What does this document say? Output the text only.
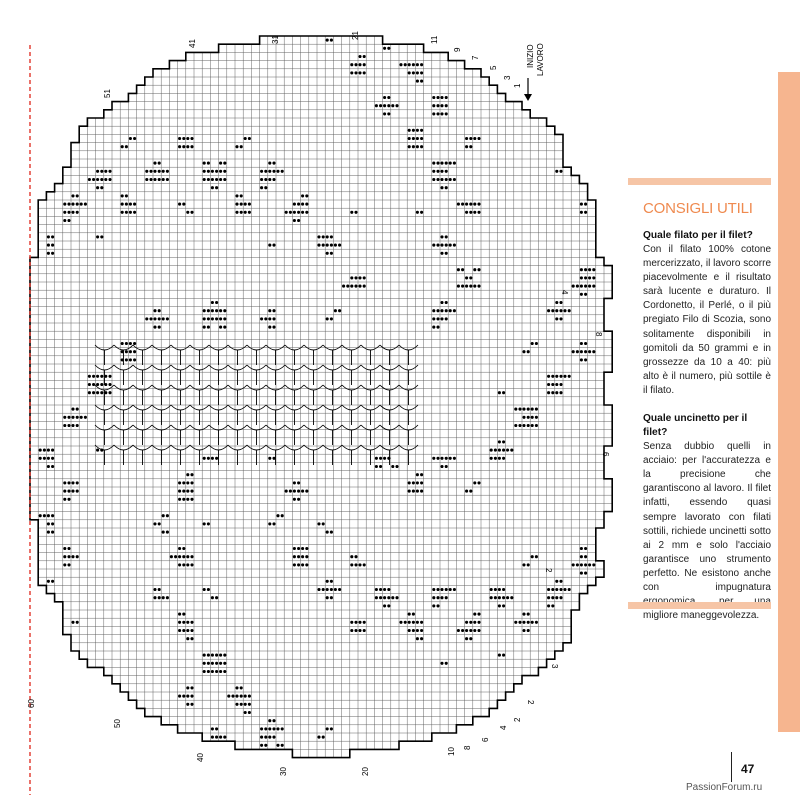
INIZIO LAVORO
41	31	21	11
9
7
5
3
1
50
40
30	20
10 8
6
4
2
51
60
4
8
6
2
3
2
CONSIGLI UTILI
Quale filato per il filet?

Con il filato 100% cotone mercerizzato, il lavoro scorre piacevolmente e il risultato sarà lucente e duraturo. Il Cordonetto, il Perlé, o il più pregiato Filo di Scozia, sono solitamente disponibili in gomitoli da 50 grammi e in grossezze da 10 a 40: più alto è il numero, più sottile è il filato.

Quale uncinetto per il filet?

Senza dubbio quelli in acciaio: per l'accuratezza e la precisione che garantiscono al lavoro. Il filet infatti, essendo quasi sempre lavorato con filati sottili, richiede uncinetti sotto ai 2 mm e solo l'acciaio garantisce uno strumento perfetto. Ne esistono anche con impugnatura migliore maneggevolezza.

47
PassionForum.ru
